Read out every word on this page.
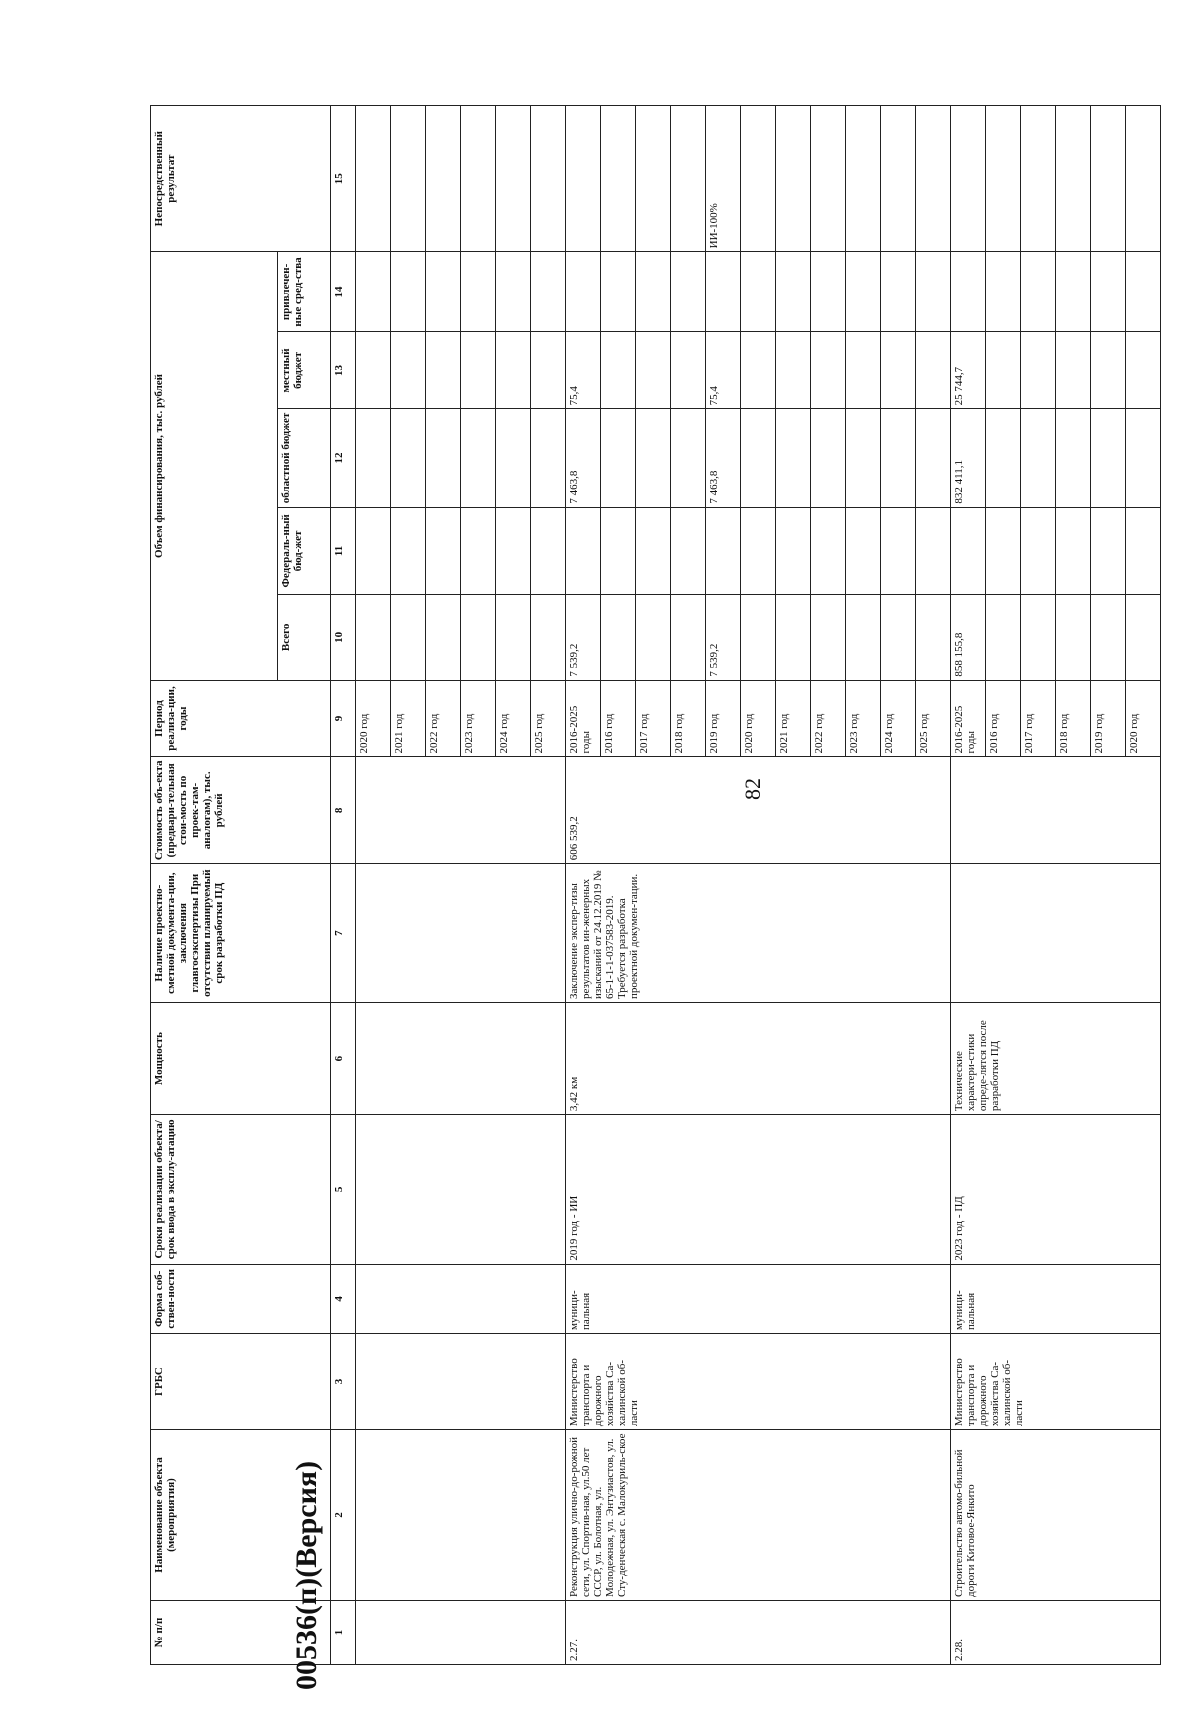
82
№ п/п	Наименование объекта (мероприятия)	ГРБС	Форма соб-ствен-ности	Сроки реализации объекта/ срок ввода в эксплу-атацию	Мощность	Наличие проектно-сметной документа-ции, заключения главгосэкспертизы При отсутствии планируемый срок разработки ПД	Стоимость объ-екта (предвари-тельная стои-мость по проек-там-аналогам), тыс. рублей	Период реализа-ции, годы	Объем финансирования, тыс. рублей					Непосредственный результат
									Всего	Федераль-ный бюд-жет	областной бюджет	местный бюджет	привлечен-ные сред-ства	
1	2	3	4	5	6	7	8	9	10	11	12	13	14	15
								2020 год						
								2021 год						
								2022 год						
								2023 год						
								2024 год						
								2025 год						
2.27.	Реконструкция улично-до-рожной сети, ул. Спортив-ная, ул.50 лет СССР, ул. Болотная, ул. Молодежная, ул. Энтузиастов, ул. Сту-денческая с. Малокуриль-ское	Министерство транспорта и дорожного хозяйства Са-халинской об-ласти	муници-пальная	2019 год - ИИ	3,42 км	Заключение экспер-тизы результатов ин-женерных изысканий от 24.12.2019 № 65-1-1-1-037583-2019. Требуется разработка проектной докумен-тации.	606 539,2	2016-2025 годы	7 539,2		7 463,8	75,4		
								2016 год						
								2017 год						
								2018 год						
								2019 год	7 539,2		7 463,8	75,4		ИИ-100%
								2020 год						
								2021 год						
								2022 год						
								2023 год						
								2024 год						
								2025 год						
2.28.	Строительство автомо-бильной дороги Китовое-Янкито	Министерство транспорта и дорожного хозяйства Са-халинской об-ласти	муници-пальная	2023 год - ПД	Технические характери-стики опреде-лятся после разработки ПД			2016-2025 годы	858 155,8		832 411,1	25 744,7		
								2016 год						
								2017 год						
								2018 год						
								2019 год						
								2020 год						
00536(п)(Версия)
